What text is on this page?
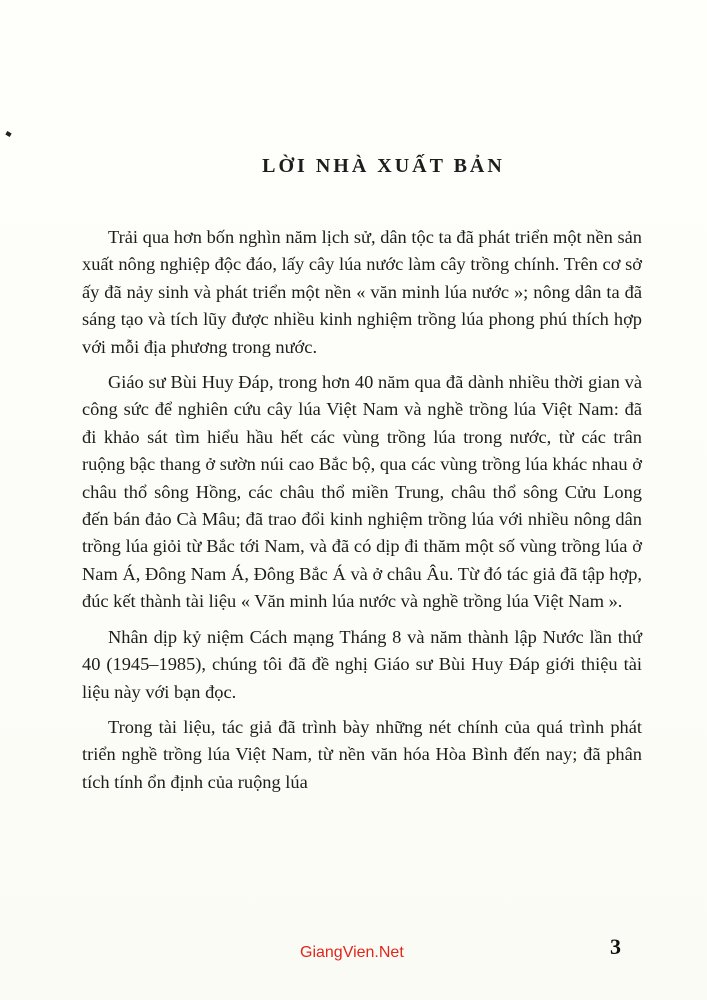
LỜI NHÀ XUẤT BẢN

Trải qua hơn bốn nghìn năm lịch sử, dân tộc ta đã phát triển một nền sản xuất nông nghiệp độc đáo, lấy cây lúa nước làm cây trồng chính. Trên cơ sở ấy đã nảy sinh và phát triển một nền « văn minh lúa nước »; nông dân ta đã sáng tạo và tích lũy được nhiều kinh nghiệm trồng lúa phong phú thích hợp với mỗi địa phương trong nước.

Giáo sư Bùi Huy Đáp, trong hơn 40 năm qua đã dành nhiều thời gian và công sức để nghiên cứu cây lúa Việt Nam và nghề trồng lúa Việt Nam: đã đi khảo sát tìm hiểu hầu hết các vùng trồng lúa trong nước, từ các trân ruộng bậc thang ở sườn núi cao Bắc bộ, qua các vùng trồng lúa khác nhau ở châu thổ sông Hồng, các châu thổ miền Trung, châu thổ sông Cửu Long đến bán đảo Cà Mâu; đã trao đổi kinh nghiệm trồng lúa với nhiều nông dân trồng lúa giỏi từ Bắc tới Nam, và đã có dịp đi thăm một số vùng trồng lúa ở Nam Á, Đông Nam Á, Đông Bắc Á và ở châu Âu. Từ đó tác giả đã tập hợp, đúc kết thành tài liệu « Văn minh lúa nước và nghề trồng lúa Việt Nam ».

Nhân dịp kỷ niệm Cách mạng Tháng 8 và năm thành lập Nước lần thứ 40 (1945–1985), chúng tôi đã đề nghị Giáo sư Bùi Huy Đáp giới thiệu tài liệu này với bạn đọc.

Trong tài liệu, tác giả đã trình bày những nét chính của quá trình phát triển nghề trồng lúa Việt Nam, từ nền văn hóa Hòa Bình đến nay; đã phân tích tính ổn định của ruộng lúa

GiangVien.Net	3
